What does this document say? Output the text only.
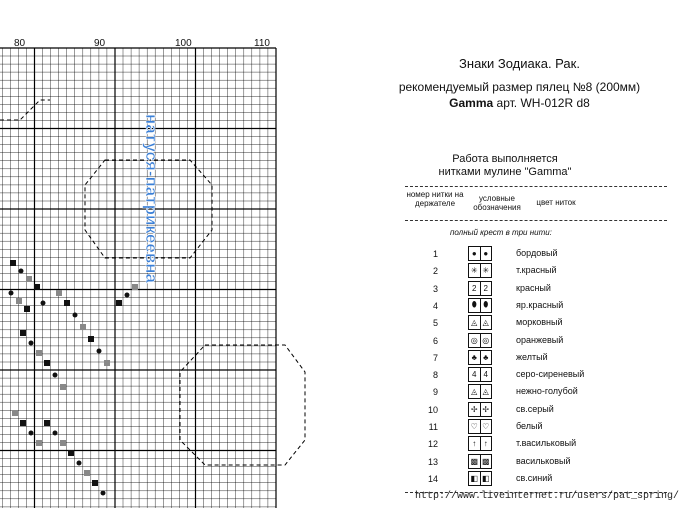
80	90	100	110
натуся-патрикеевна
Знаки Зодиака. Рак.
рекомендуемый размер пялец №8 (200мм)
Gamma арт. WH-012R d8
Работа выполняется
нитками мулине "Gamma"
номер нитки на держателе
условные обозначения
цвет ниток
полный крест в три нити:
1	● ●	бордовый
2	✳ ✳	т.красный
3	2 2	красный
4	⬮ ⬮	яр.красный
5	◬ ◬	морковный
6	◎ ◎	оранжевый
7	♣ ♣	желтый
8	4 4	серо-сиреневый
9	◬ ◬	нежно-голубой
10	✢ ✢	св.серый
11	♡ ♡	белый
12	↑ ↑	т.васильковый
13	▩ ▩	васильковый
14	◧ ◧	св.синий
http://www.liveinternet.ru/users/pat_spring/
